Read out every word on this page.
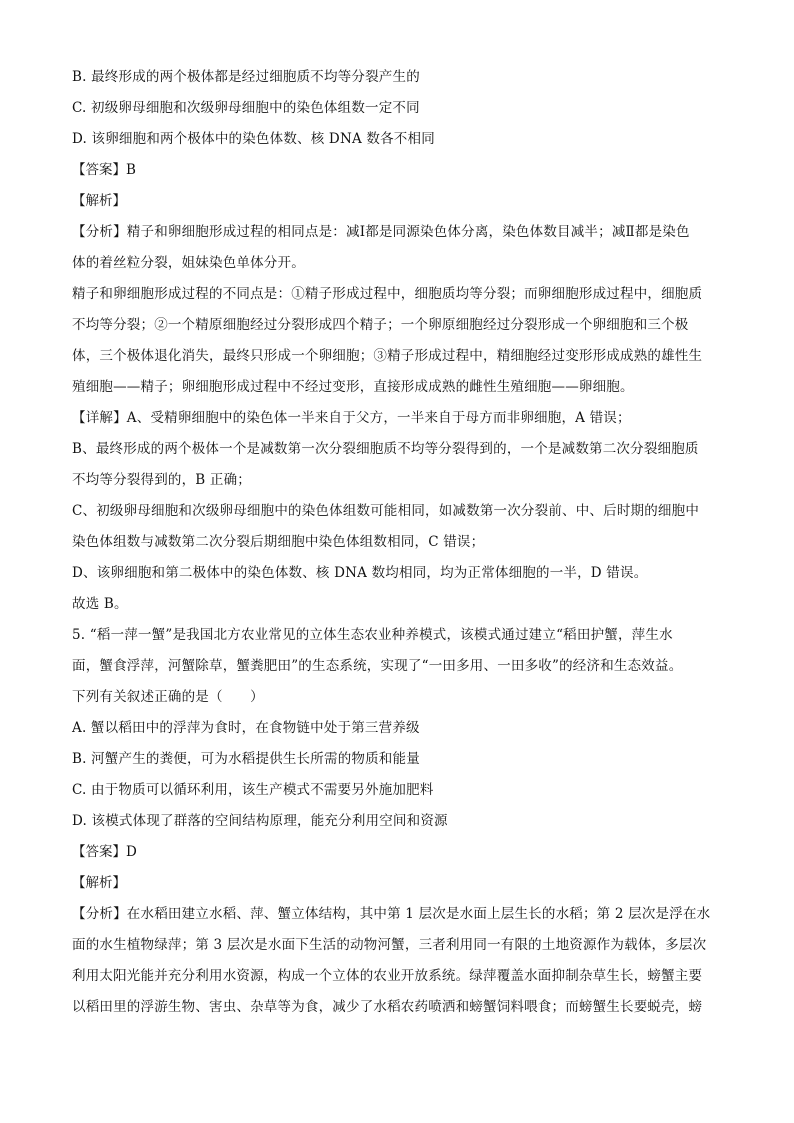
B. 最终形成的两个极体都是经过细胞质不均等分裂产生的
C. 初级卵母细胞和次级卵母细胞中的染色体组数一定不同
D. 该卵细胞和两个极体中的染色体数、核 DNA 数各不相同
【答案】B
【解析】
【分析】精子和卵细胞形成过程的相同点是：减Ⅰ都是同源染色体分离，染色体数目减半；减Ⅱ都是染色
体的着丝粒分裂，姐妹染色单体分开。
精子和卵细胞形成过程的不同点是：①精子形成过程中，细胞质均等分裂；而卵细胞形成过程中，细胞质
不均等分裂；②一个精原细胞经过分裂形成四个精子；一个卵原细胞经过分裂形成一个卵细胞和三个极
体，三个极体退化消失，最终只形成一个卵细胞；③精子形成过程中，精细胞经过变形形成成熟的雄性生
殖细胞——精子；卵细胞形成过程中不经过变形，直接形成成熟的雌性生殖细胞——卵细胞。
【详解】A、受精卵细胞中的染色体一半来自于父方，一半来自于母方而非卵细胞，A 错误；
B、最终形成的两个极体一个是减数第一次分裂细胞质不均等分裂得到的，一个是减数第二次分裂细胞质
不均等分裂得到的，B 正确；
C、初级卵母细胞和次级卵母细胞中的染色体组数可能相同，如减数第一次分裂前、中、后时期的细胞中
染色体组数与减数第二次分裂后期细胞中染色体组数相同，C 错误；
D、该卵细胞和第二极体中的染色体数、核 DNA 数均相同，均为正常体细胞的一半，D 错误。
故选 B。
5. “稻一萍一蟹”是我国北方农业常见的立体生态农业种养模式，该模式通过建立“稻田护蟹，萍生水
面，蟹食浮萍，河蟹除草，蟹粪肥田”的生态系统，实现了“一田多用、一田多收”的经济和生态效益。
下列有关叙述正确的是（　　）
A. 蟹以稻田中的浮萍为食时，在食物链中处于第三营养级
B. 河蟹产生的粪便，可为水稻提供生长所需的物质和能量
C. 由于物质可以循环利用，该生产模式不需要另外施加肥料
D. 该模式体现了群落的空间结构原理，能充分利用空间和资源
【答案】D
【解析】
【分析】在水稻田建立水稻、萍、蟹立体结构，其中第 1 层次是水面上层生长的水稻；第 2 层次是浮在水
面的水生植物绿萍；第 3 层次是水面下生活的动物河蟹，三者利用同一有限的土地资源作为载体，多层次
利用太阳光能并充分利用水资源，构成一个立体的农业开放系统。绿萍覆盖水面抑制杂草生长，螃蟹主要
以稻田里的浮游生物、害虫、杂草等为食，减少了水稻农药喷洒和螃蟹饲料喂食；而螃蟹生长要蜕壳，螃
